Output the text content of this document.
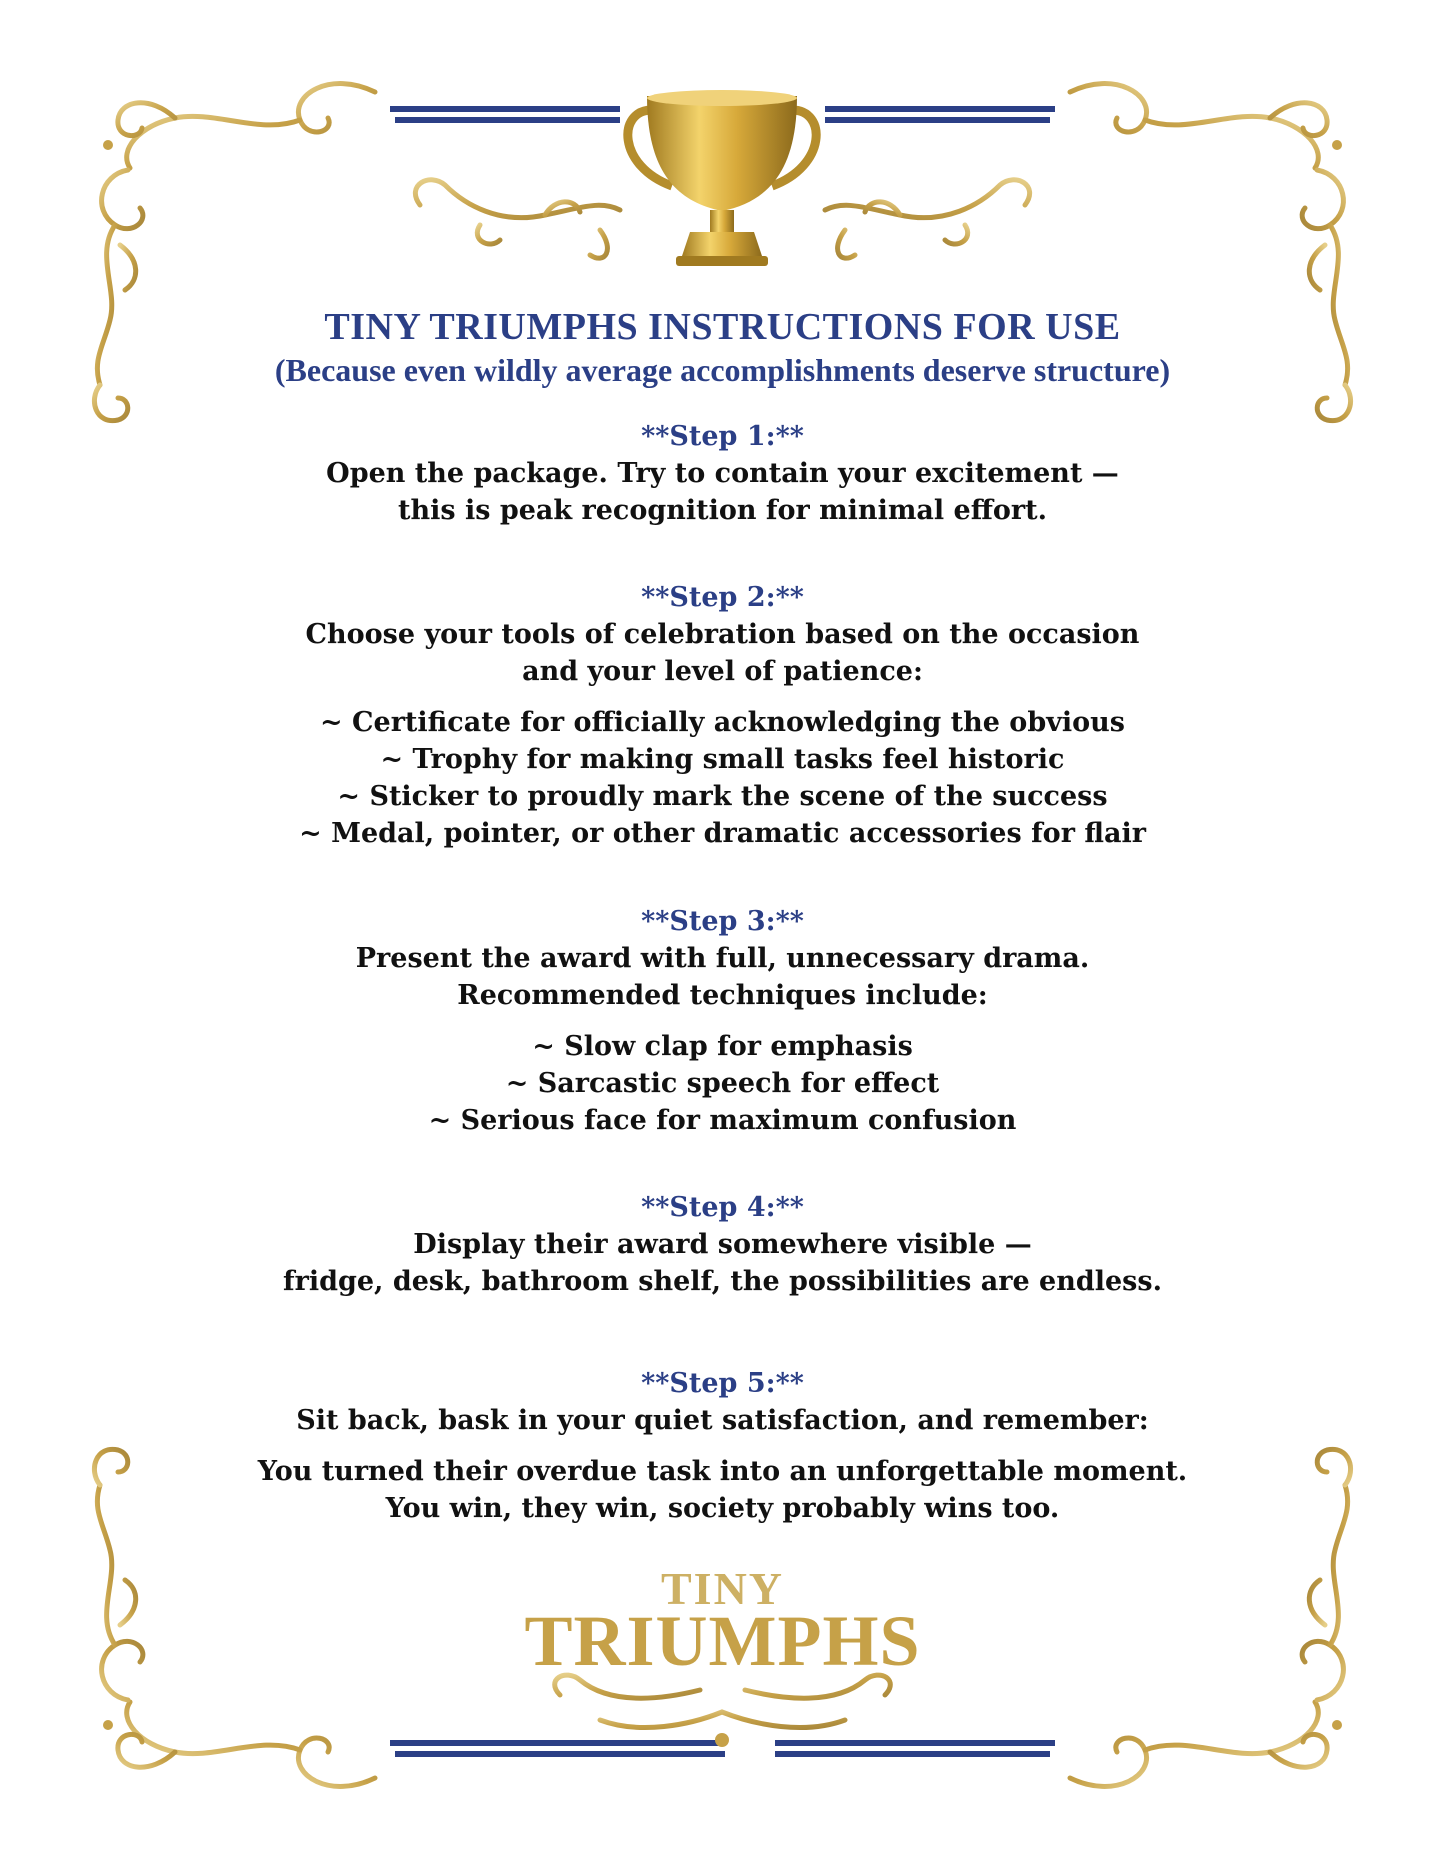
TINY TRIUMPHS INSTRUCTIONS FOR USE
(Because even wildly average accomplishments deserve structure)
**Step 1:**
Open the package. Try to contain your excitement —
this is peak recognition for minimal effort.
**Step 2:**
Choose your tools of celebration based on the occasion
and your level of patience:
~ Certificate for officially acknowledging the obvious
~ Trophy for making small tasks feel historic
~ Sticker to proudly mark the scene of the success
~ Medal, pointer, or other dramatic accessories for flair
**Step 3:**
Present the award with full, unnecessary drama.
Recommended techniques include:
~ Slow clap for emphasis
~ Sarcastic speech for effect
~ Serious face for maximum confusion
**Step 4:**
Display their award somewhere visible —
fridge, desk, bathroom shelf, the possibilities are endless.
**Step 5:**
Sit back, bask in your quiet satisfaction, and remember:
You turned their overdue task into an unforgettable moment.
You win, they win, society probably wins too.
TINY
TRIUMPHS
